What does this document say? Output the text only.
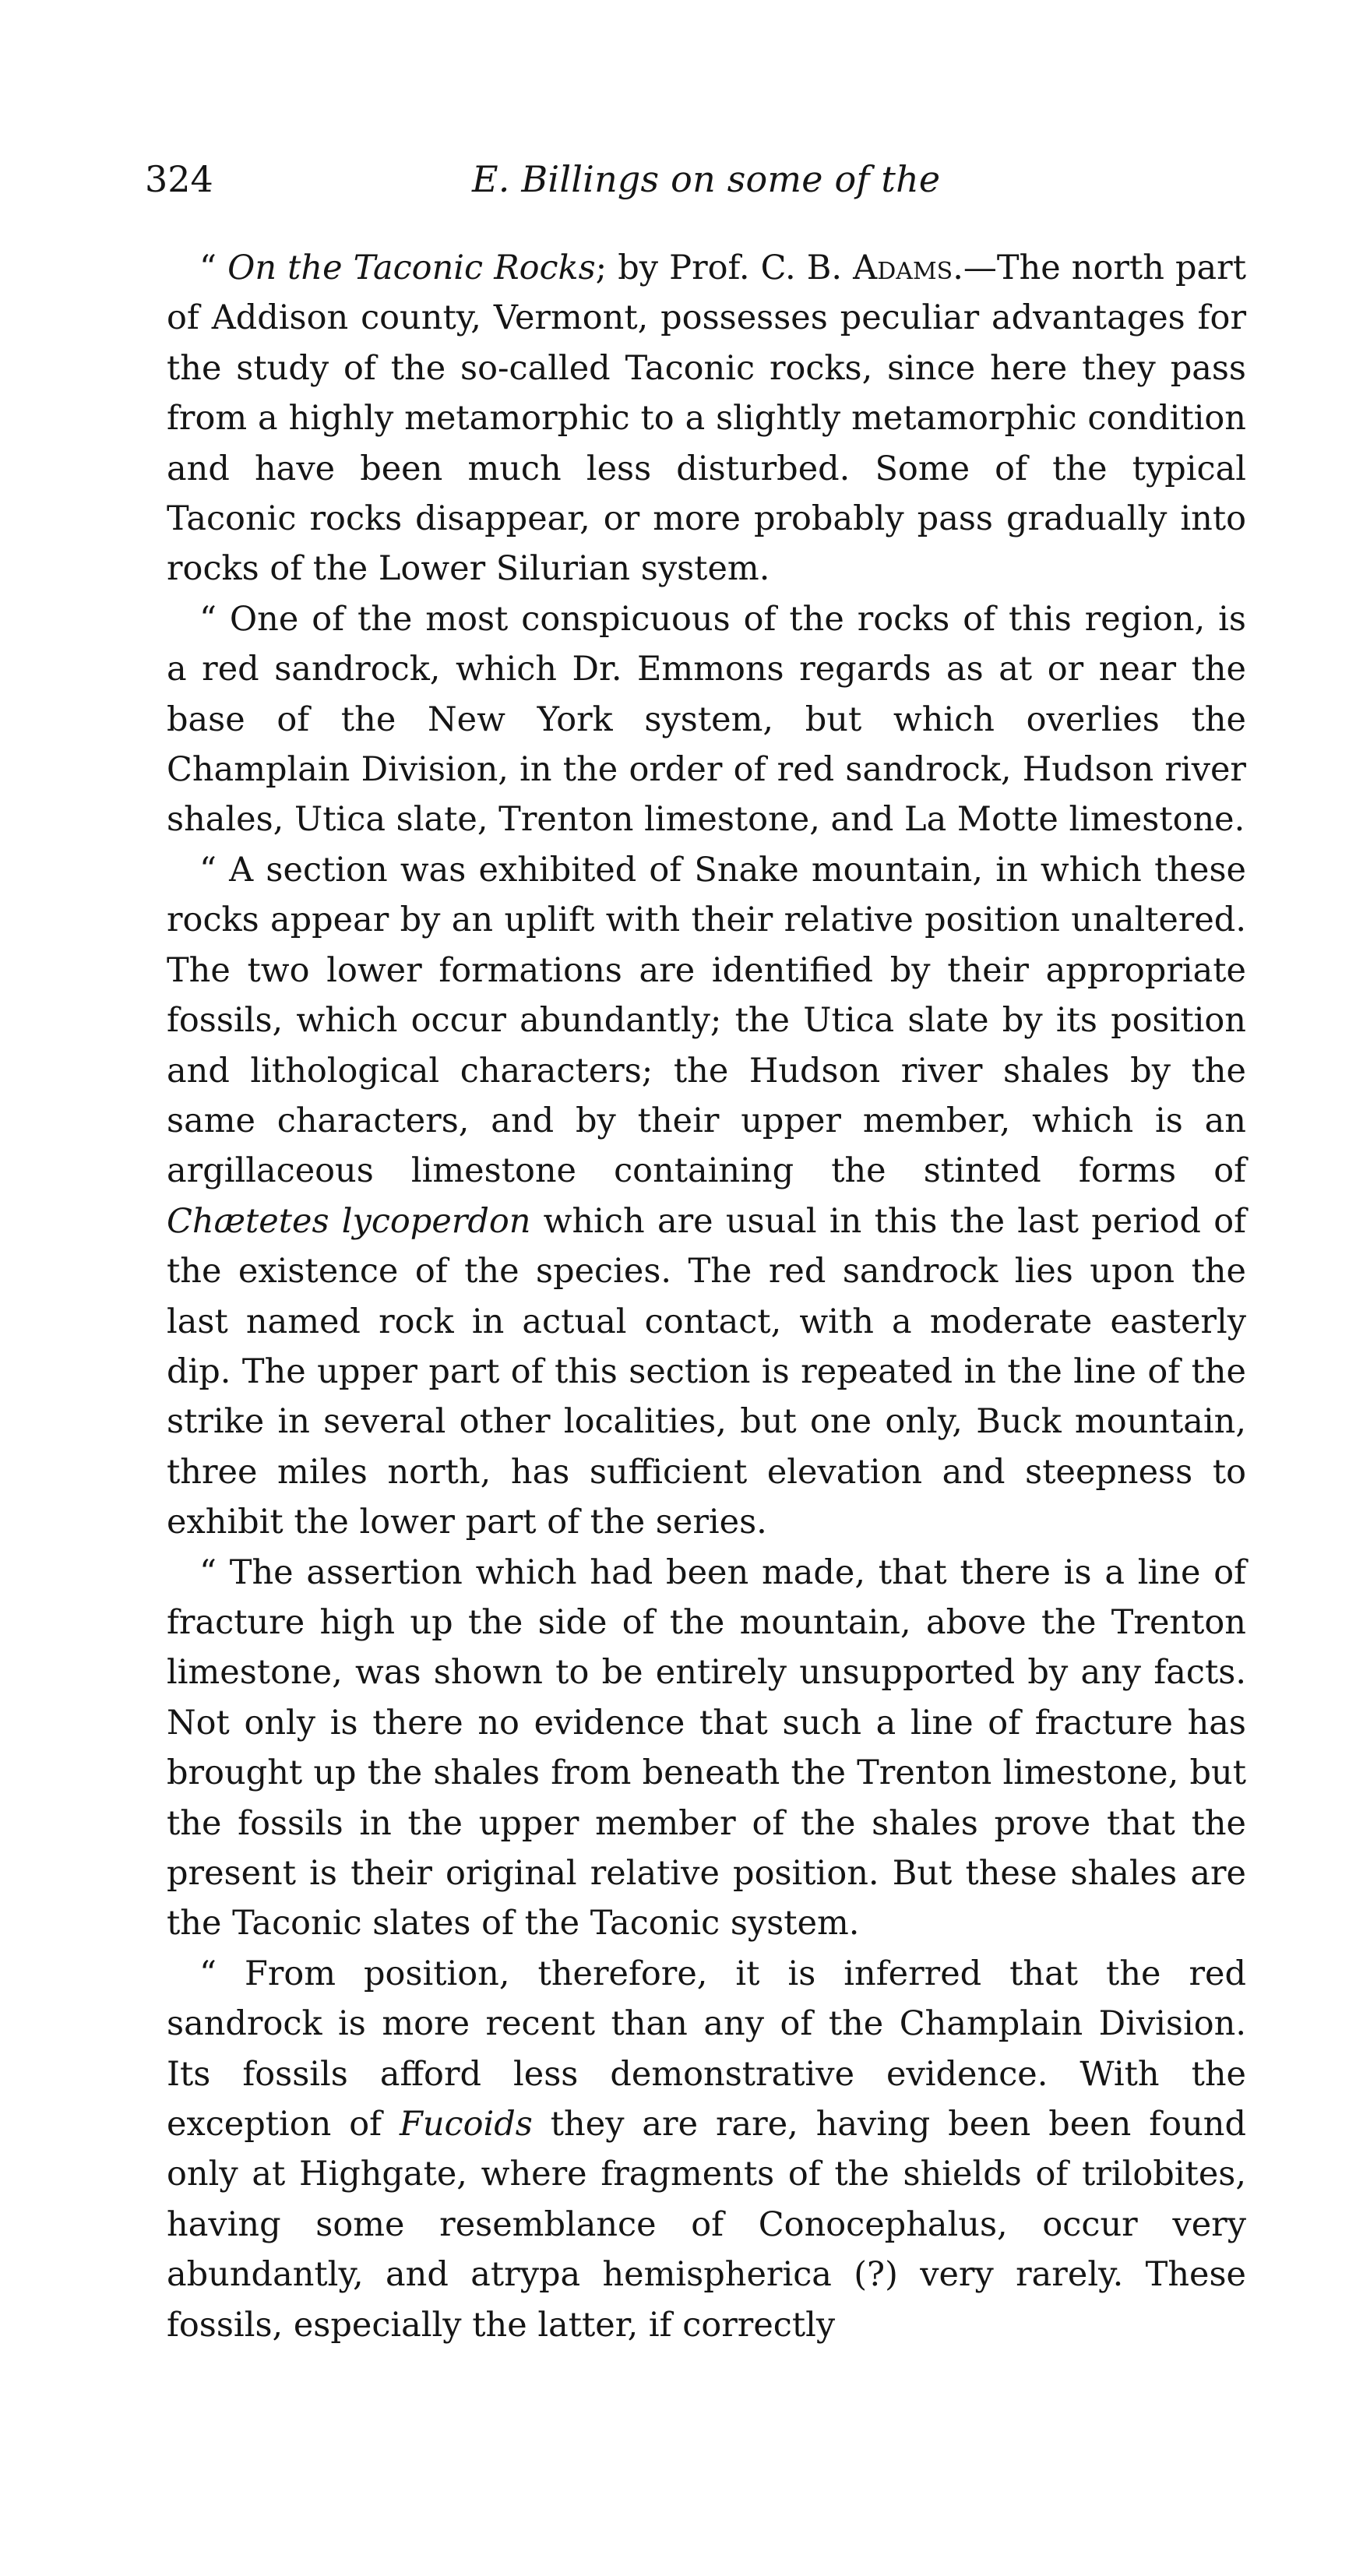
324	E. Billings on some of the

“ On the Taconic Rocks; by Prof. C. B. Adams.—The north part of Addison county, Vermont, possesses peculiar advantages for the study of the so-called Taconic rocks, since here they pass from a highly metamorphic to a slightly metamorphic condition and have been much less disturbed. Some of the typical Taconic rocks disappear, or more probably pass gradually into rocks of the Lower Silurian system.

“ One of the most conspicuous of the rocks of this region, is a red sandrock, which Dr. Emmons regards as at or near the base of the New York system, but which overlies the Champlain Division, in the order of red sandrock, Hudson river shales, Utica slate, Trenton limestone, and La Motte limestone.

“ A section was exhibited of Snake mountain, in which these rocks appear by an uplift with their relative position unaltered. The two lower formations are identified by their appropriate fossils, which occur abundantly; the Utica slate by its position and lithological characters; the Hudson river shales by the same characters, and by their upper member, which is an argillaceous limestone containing the stinted forms of Chætetes lycoperdon which are usual in this the last period of the existence of the species. The red sandrock lies upon the last named rock in actual contact, with a moderate easterly dip. The upper part of this section is repeated in the line of the strike in several other localities, but one only, Buck mountain, three miles north, has sufficient elevation and steepness to exhibit the lower part of the series.

“ The assertion which had been made, that there is a line of fracture high up the side of the mountain, above the Trenton limestone, was shown to be entirely unsupported by any facts. Not only is there no evidence that such a line of fracture has brought up the shales from beneath the Trenton limestone, but the fossils in the upper member of the shales prove that the present is their original relative position. But these shales are the Taconic slates of the Taconic system.

“ From position, therefore, it is inferred that the red sandrock is more recent than any of the Champlain Division. Its fossils afford less demonstrative evidence. With the exception of Fucoids they are rare, having been been found only at Highgate, where fragments of the shields of trilobites, having some resemblance of Conocephalus, occur very abundantly, and atrypa hemispherica (?) very rarely. These fossils, especially the latter, if correctly
